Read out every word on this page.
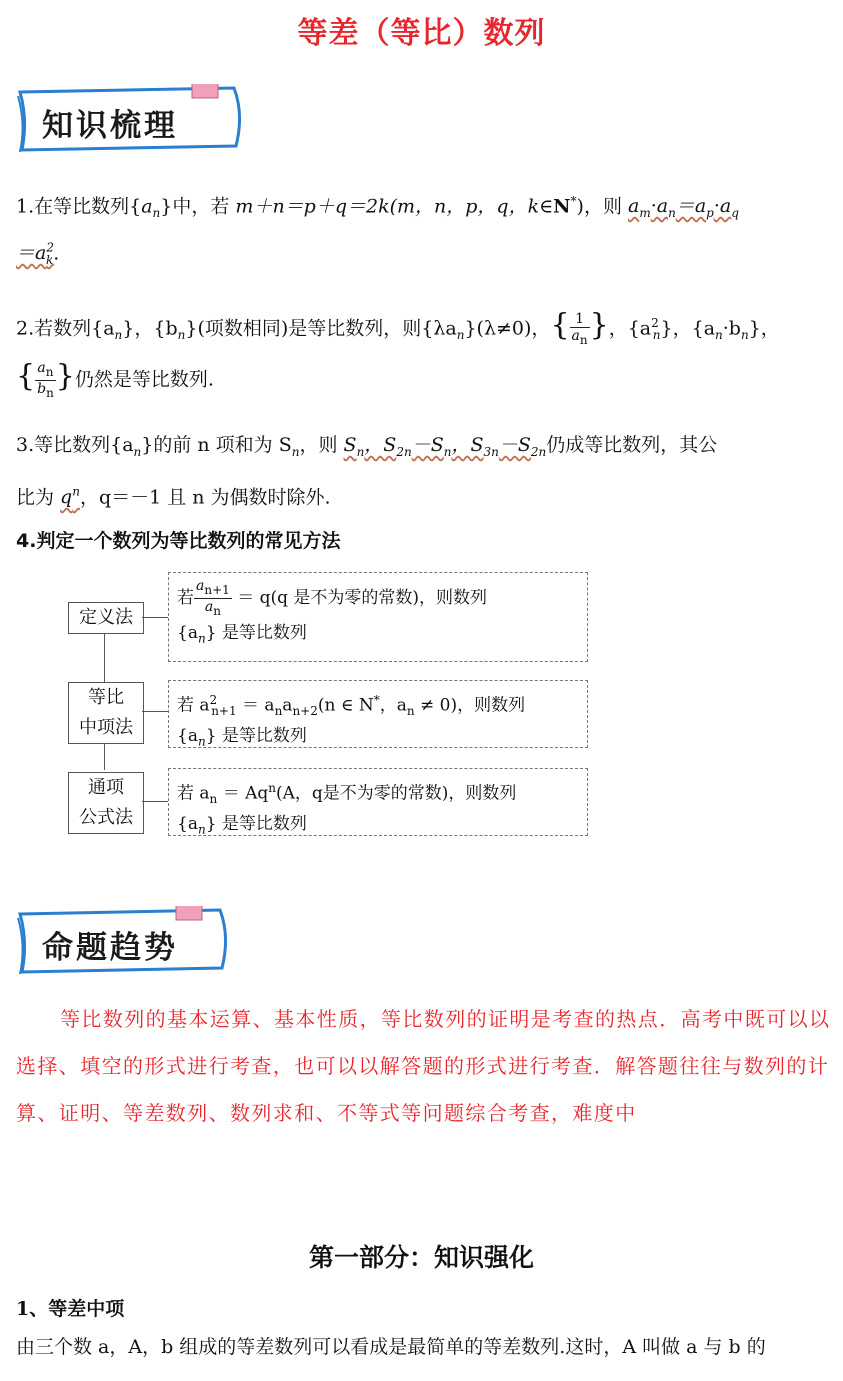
等差（等比）数列
知识梳理
1.在等比数列$\{a_n\}$中，若 m＋n＝p＋q＝2k(m，n，p，q，k∈N*)，则 $a_m\cdot a_n=a_p\cdot a_q$
$=a^2_k$.
2.若数列$\{a_n\}$，$\{b_n\}$(项数相同)是等比数列，则$\{\lambda a_n\}(\lambda\ne 0)$，{ $\frac{1}{a_n}$ }，$\{a^2_n\}$，$\{a_n\cdot b_n\}$，
{ $\frac{a_n}{b_n}$ }仍然是等比数列.
3.等比数列$\{a_n\}$的前 n 项和为 $S_n$，则 $S_n$，$S_{2n}-S_n$，$S_{3n}-S_{2n}$仍成等比数列，其公
比为 $q^n$，q＝－1 且 n 为偶数时除外.
4.判定一个数列为等比数列的常见方法
定义法
若 $\frac{a_{n+1}}{a_n} = q(q$ 是不为零的常数)，则数列
$\{a_n\}$ 是等比数列
等比
中项法
若 $a^2_{n+1} = a_na_{n+2}(n$ ∈ N*，$a_n \ne 0$)，则数列
$\{a_n\}$ 是等比数列
通项
公式法
若 $a_n = Aq^n(A$，q是不为零的常数)，则数列
$\{a_n\}$ 是等比数列
命题趋势
等比数列的基本运算、基本性质，等比数列的证明是考查的热点．高考中既可以以选择、填空的形式进行考查，也可以以解答题的形式进行考查．解答题往往与数列的计算、证明、等差数列、数列求和、不等式等问题综合考查，难度中
第一部分：知识强化
1、等差中项
由三个数 a，A，b 组成的等差数列可以看成是最简单的等差数列.这时，A 叫做 a 与 b 的
